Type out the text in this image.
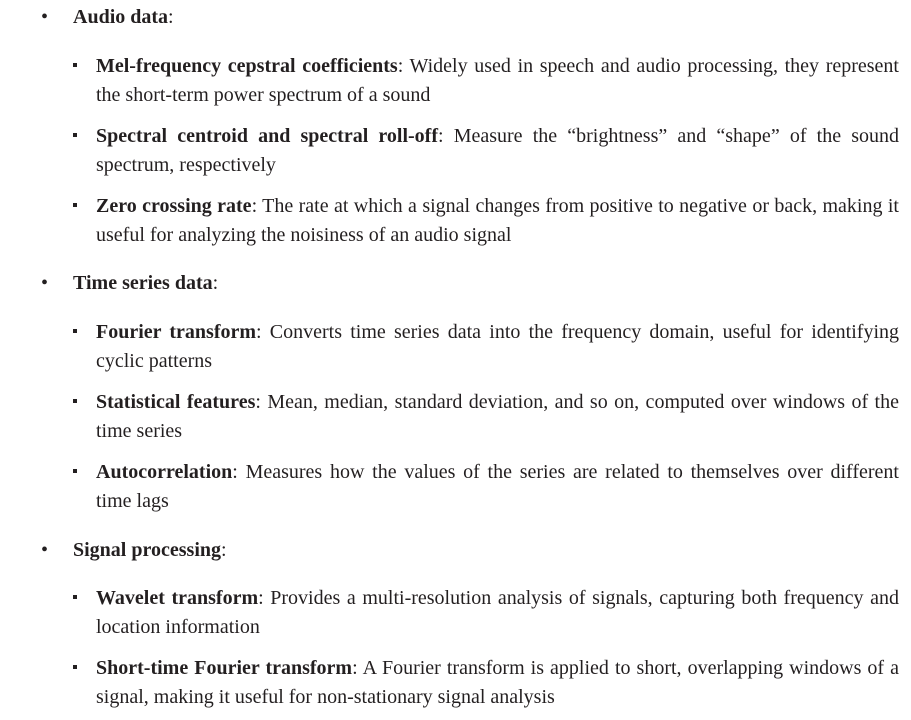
• Audio data:
Mel-frequency cepstral coefficients: Widely used in speech and audio processing, they represent the short-term power spectrum of a sound
Spectral centroid and spectral roll-off: Measure the “brightness” and “shape” of the sound spectrum, respectively
Zero crossing rate: The rate at which a signal changes from positive to negative or back, making it useful for analyzing the noisiness of an audio signal
• Time series data:
Fourier transform: Converts time series data into the frequency domain, useful for identifying cyclic patterns
Statistical features: Mean, median, standard deviation, and so on, computed over windows of the time series
Autocorrelation: Measures how the values of the series are related to themselves over different time lags
• Signal processing:
Wavelet transform: Provides a multi-resolution analysis of signals, capturing both frequency and location information
Short-time Fourier transform: A Fourier transform is applied to short, overlapping windows of a signal, making it useful for non-stationary signal analysis
